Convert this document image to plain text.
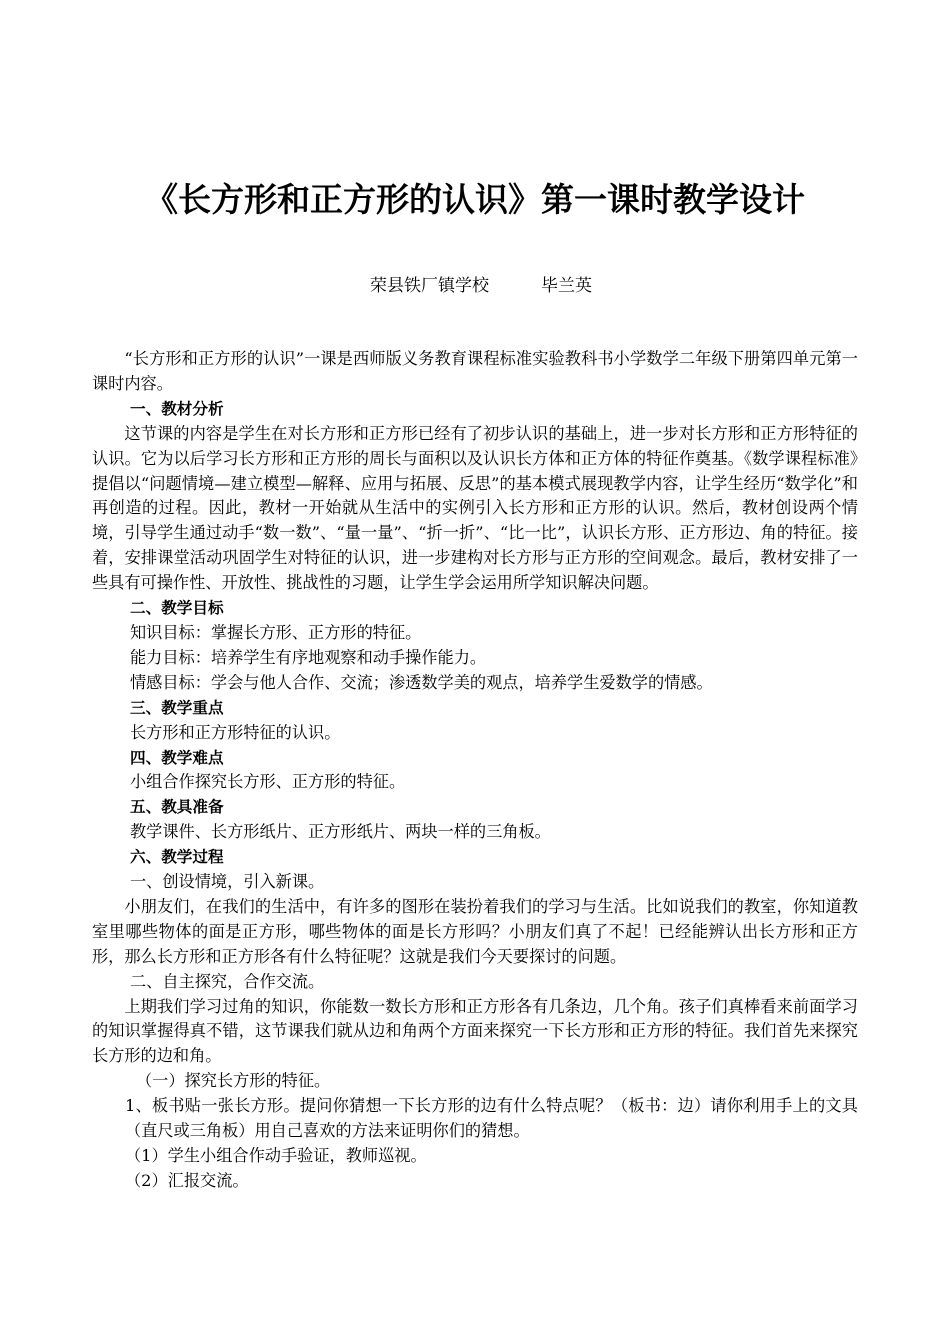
《长方形和正方形的认识》第一课时教学设计
荣县铁厂镇学校	毕兰英

“长方形和正方形的认识”一课是西师版义务教育课程标准实验教科书小学数学二年级下册第四单元第一课时内容。

一、教材分析

这节课的内容是学生在对长方形和正方形已经有了初步认识的基础上，进一步对长方形和正方形特征的认识。它为以后学习长方形和正方形的周长与面积以及认识长方体和正方体的特征作奠基。《数学课程标准》提倡以“问题情境—建立模型—解释、应用与拓展、反思”的基本模式展现教学内容，让学生经历“数学化”和再创造的过程。因此，教材一开始就从生活中的实例引入长方形和正方形的认识。然后，教材创设两个情境，引导学生通过动手“数一数”、“量一量”、“折一折”、“比一比”，认识长方形、正方形边、角的特征。接着，安排课堂活动巩固学生对特征的认识，进一步建构对长方形与正方形的空间观念。最后，教材安排了一些具有可操作性、开放性、挑战性的习题，让学生学会运用所学知识解决问题。

二、教学目标

知识目标：掌握长方形、正方形的特征。

能力目标：培养学生有序地观察和动手操作能力。

情感目标：学会与他人合作、交流；渗透数学美的观点，培养学生爱数学的情感。

三、教学重点

长方形和正方形特征的认识。

四、教学难点

小组合作探究长方形、正方形的特征。

五、教具准备

教学课件、长方形纸片、正方形纸片、两块一样的三角板。

六、教学过程

一、创设情境，引入新课。

小朋友们，在我们的生活中，有许多的图形在装扮着我们的学习与生活。比如说我们的教室，你知道教室里哪些物体的面是正方形，哪些物体的面是长方形吗？小朋友们真了不起！已经能辨认出长方形和正方形，那么长方形和正方形各有什么特征呢？这就是我们今天要探讨的问题。

二、自主探究，合作交流。

上期我们学习过角的知识，你能数一数长方形和正方形各有几条边，几个角。孩子们真棒看来前面学习的知识掌握得真不错，这节课我们就从边和角两个方面来探究一下长方形和正方形的特征。我们首先来探究长方形的边和角。

（一）探究长方形的特征。

1、板书贴一张长方形。提问你猜想一下长方形的边有什么特点呢？（板书：边）请你利用手上的文具（直尺或三角板）用自己喜欢的方法来证明你们的猜想。

（1）学生小组合作动手验证，教师巡视。

（2）汇报交流。
